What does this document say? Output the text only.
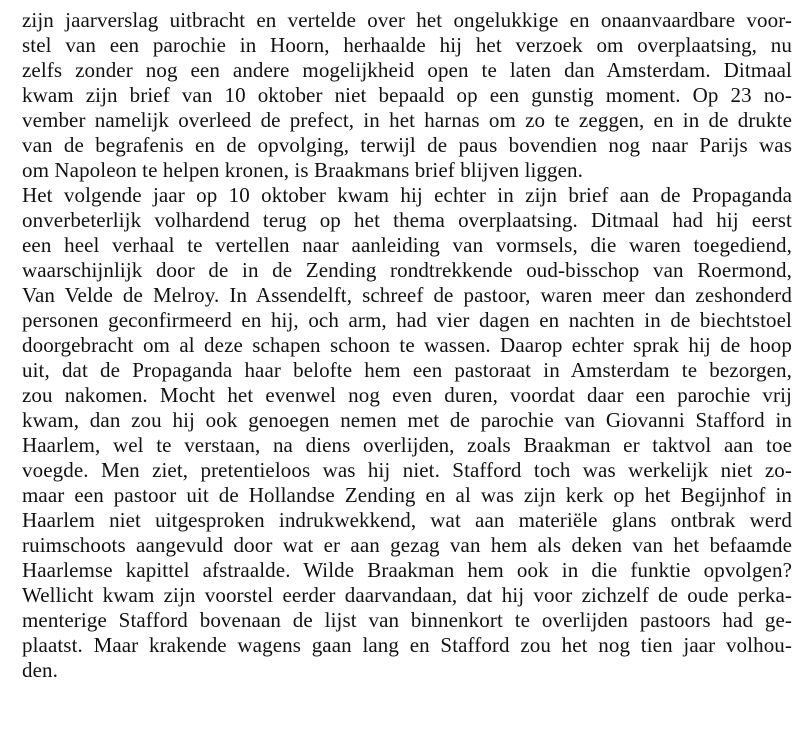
zijn jaarverslag uitbracht en vertelde over het ongelukkige en onaanvaardbare voor-
stel van een parochie in Hoorn, herhaalde hij het verzoek om overplaatsing, nu
zelfs zonder nog een andere mogelijkheid open te laten dan Amsterdam. Ditmaal
kwam zijn brief van 10 oktober niet bepaald op een gunstig moment. Op 23 no-
vember namelijk overleed de prefect, in het harnas om zo te zeggen, en in de drukte
van de begrafenis en de opvolging, terwijl de paus bovendien nog naar Parijs was
om Napoleon te helpen kronen, is Braakmans brief blijven liggen.
Het volgende jaar op 10 oktober kwam hij echter in zijn brief aan de Propaganda
onverbeterlijk volhardend terug op het thema overplaatsing. Ditmaal had hij eerst
een heel verhaal te vertellen naar aanleiding van vormsels, die waren toegediend,
waarschijnlijk door de in de Zending rondtrekkende oud-bisschop van Roermond,
Van Velde de Melroy. In Assendelft, schreef de pastoor, waren meer dan zeshonderd
personen geconfirmeerd en hij, och arm, had vier dagen en nachten in de biechtstoel
doorgebracht om al deze schapen schoon te wassen. Daarop echter sprak hij de hoop
uit, dat de Propaganda haar belofte hem een pastoraat in Amsterdam te bezorgen,
zou nakomen. Mocht het evenwel nog even duren, voordat daar een parochie vrij
kwam, dan zou hij ook genoegen nemen met de parochie van Giovanni Stafford in
Haarlem, wel te verstaan, na diens overlijden, zoals Braakman er taktvol aan toe
voegde. Men ziet, pretentieloos was hij niet. Stafford toch was werkelijk niet zo-
maar een pastoor uit de Hollandse Zending en al was zijn kerk op het Begijnhof in
Haarlem niet uitgesproken indrukwekkend, wat aan materiële glans ontbrak werd
ruimschoots aangevuld door wat er aan gezag van hem als deken van het befaamde
Haarlemse kapittel afstraalde. Wilde Braakman hem ook in die funktie opvolgen?
Wellicht kwam zijn voorstel eerder daarvandaan, dat hij voor zichzelf de oude perka-
menterige Stafford bovenaan de lijst van binnenkort te overlijden pastoors had ge-
plaatst. Maar krakende wagens gaan lang en Stafford zou het nog tien jaar volhou-
den.
